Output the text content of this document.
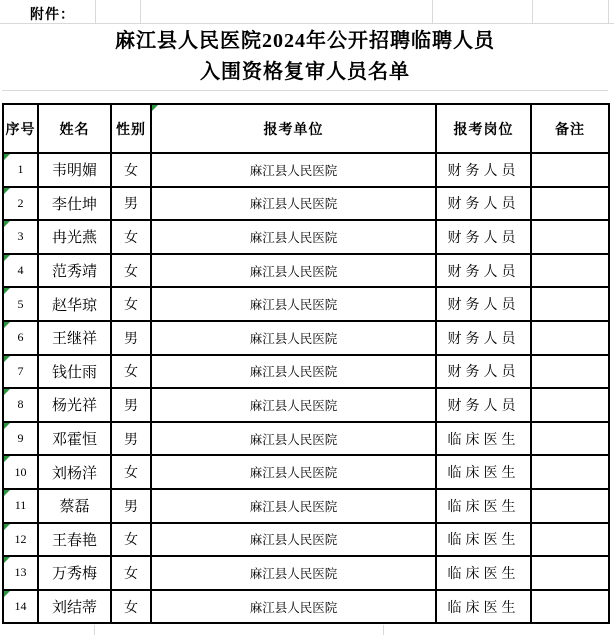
附件：
麻江县人民医院2024年公开招聘临聘人员
入围资格复审人员名单
序号	姓名	性别	报考单位	报考岗位	备注

1	韦明媚	女	麻江县人民医院	财务人员	

2	李仕坤	男	麻江县人民医院	财务人员	

3	冉光燕	女	麻江县人民医院	财务人员	

4	范秀靖	女	麻江县人民医院	财务人员	

5	赵华琼	女	麻江县人民医院	财务人员	

6	王继祥	男	麻江县人民医院	财务人员	

7	钱仕雨	女	麻江县人民医院	财务人员	

8	杨光祥	男	麻江县人民医院	财务人员	

9	邓霍恒	男	麻江县人民医院	临床医生	

10	刘杨洋	女	麻江县人民医院	临床医生	

11	蔡磊	男	麻江县人民医院	临床医生	

12	王春艳	女	麻江县人民医院	临床医生	

13	万秀梅	女	麻江县人民医院	临床医生	

14	刘结蒂	女	麻江县人民医院	临床医生	
